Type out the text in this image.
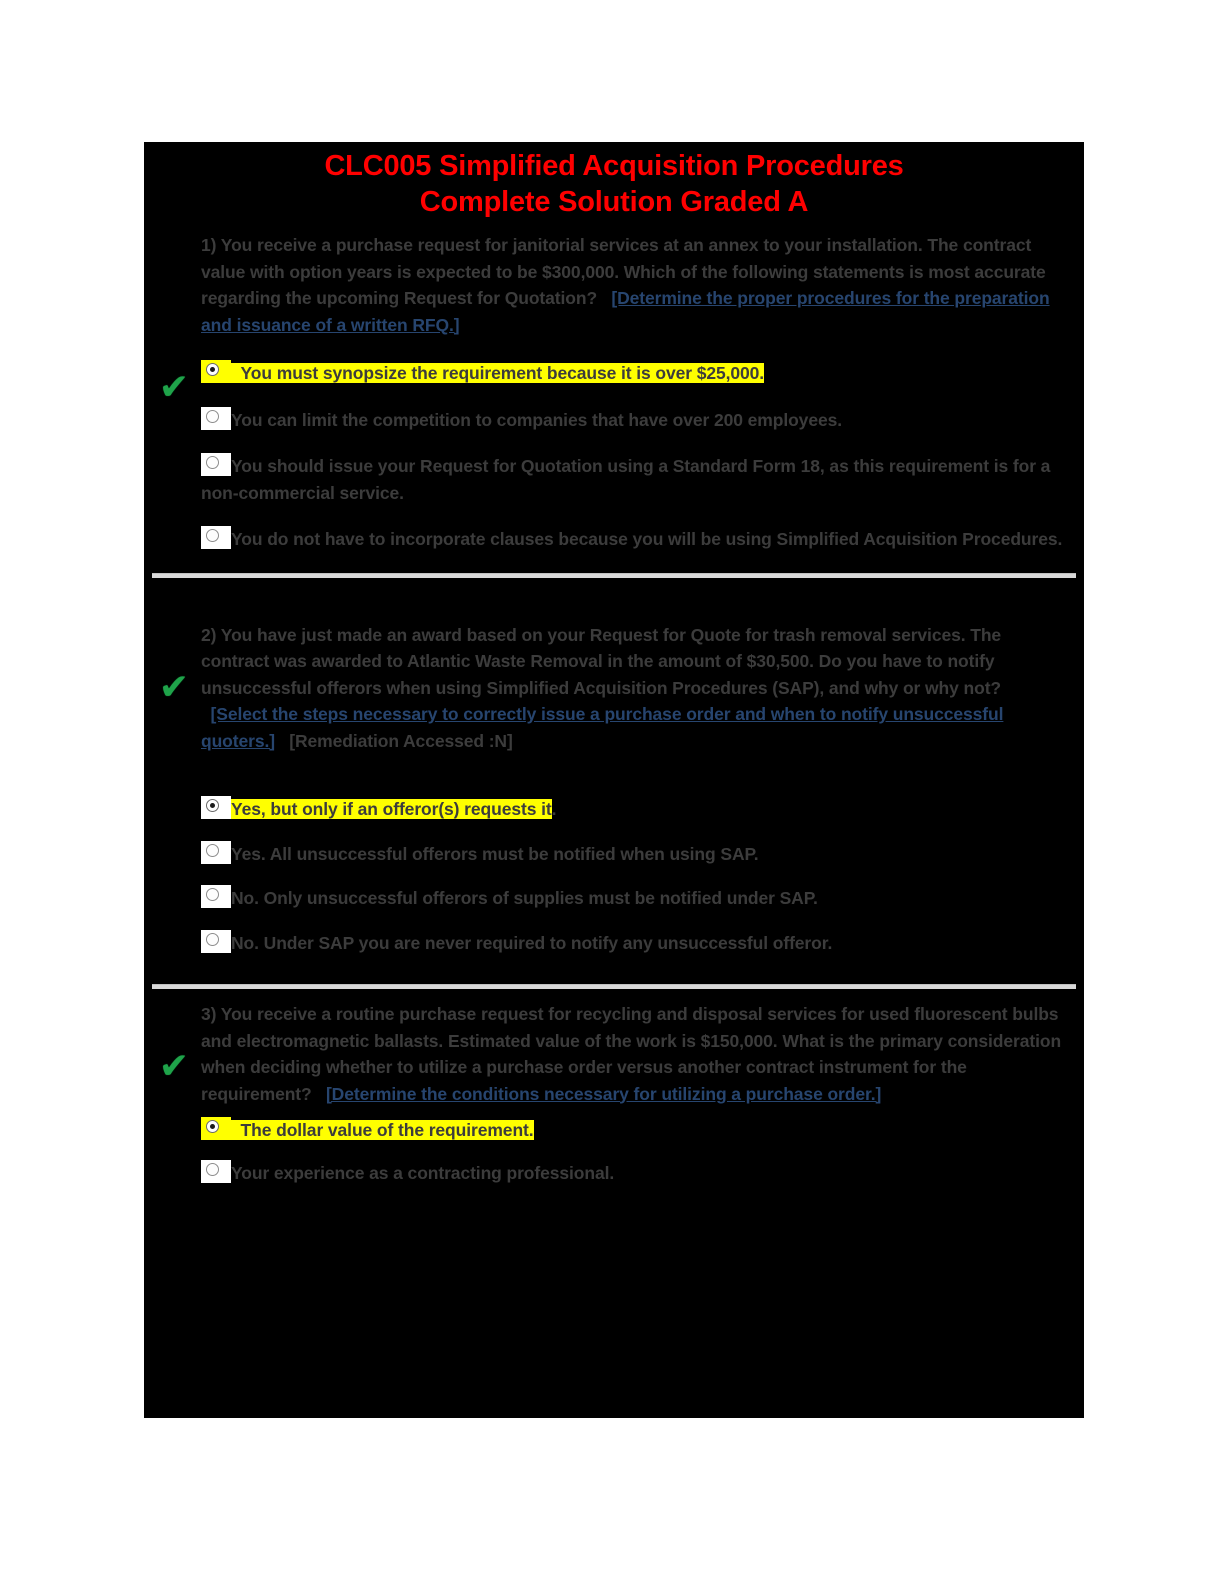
CLC005 Simplified Acquisition Procedures
Complete Solution Graded A
✔

1) You receive a purchase request for janitorial services at an annex to your installation. The contract value with option years is expected to be $300,000. Which of the following statements is most accurate regarding the upcoming Request for Quotation? [Determine the proper procedures for the preparation and issuance of a written RFQ.]

You must synopsize the requirement because it is over $25,000.
You can limit the competition to companies that have over 200 employees.
You should issue your Request for Quotation using a Standard Form 18, as this requirement is for a non-commercial service.
You do not have to incorporate clauses because you will be using Simplified Acquisition Procedures.
✔

2) You have just made an award based on your Request for Quote for trash removal services. The contract was awarded to Atlantic Waste Removal in the amount of $30,500. Do you have to notify unsuccessful offerors when using Simplified Acquisition Procedures (SAP), and why or why not?   [Select the steps necessary to correctly issue a purchase order and when to notify unsuccessful quoters.] [Remediation Accessed :N]

Yes, but only if an offeror(s) requests it.
Yes. All unsuccessful offerors must be notified when using SAP.
No. Only unsuccessful offerors of supplies must be notified under SAP.
No. Under SAP you are never required to notify any unsuccessful offeror.
✔

3) You receive a routine purchase request for recycling and disposal services for used fluorescent bulbs and electromagnetic ballasts. Estimated value of the work is $150,000. What is the primary consideration when deciding whether to utilize a purchase order versus another contract instrument for the requirement? [Determine the conditions necessary for utilizing a purchase order.]

The dollar value of the requirement.
Your experience as a contracting professional.
